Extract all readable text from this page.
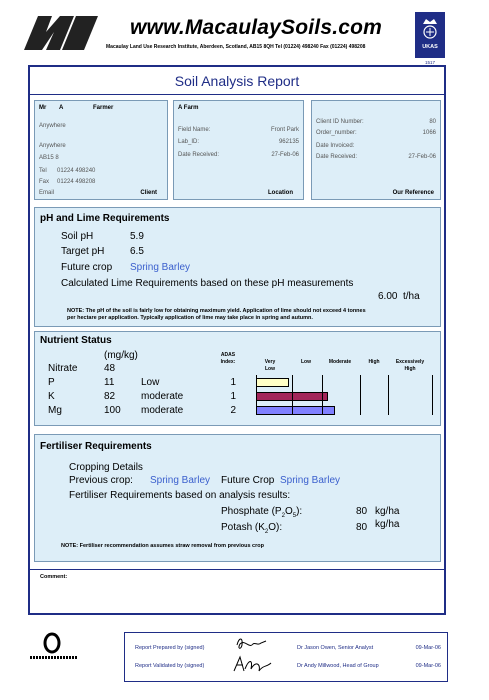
www.MacaulaySoils.com
Macaulay Land Use Research Institute, Aberdeen, Scotland, AB15 8QH Tel (01224) 498240 Fax (01224) 498208	UKAS
1517
Soil Analysis Report
Mr A	Farmer
Anywhere
Anywhere
AB15 8
Tel 01224 498240
Fax 01224 498208
Email	Client
A Farm
Field Name:	Front Park
Lab_ID:	962135
Date Received:	27-Feb-06
Location
Client ID Number:	80
Order_number:	1066
Date Invoiced:
Date Received:	27-Feb-06
Our Reference
pH and Lime Requirements
Soil pH	5.9
Target pH	6.5
Future crop Spring Barley
Calculated Lime Requirements based on these pH measurements
6.00 t/ha
NOTE: The pH of the soil is fairly low for obtaining maximum yield. Application of lime should not exceed 4 tonnes
per hectare per application. Typically application of lime may take place in spring and autumn.
Nutrient Status
(mg/kg)	ADAS
Index:	Very
Low
Low	Moderate	High	Excessively
High
Nitrate	48
P	11	Low	1
K	82	moderate	1
Mg	100 moderate	2
Fertiliser Requirements
Cropping Details
Previous crop: Spring Barley Future Crop Spring Barley
Fertiliser Requirements based on analysis results:
Phosphate $(P_2O_5)$:	80 kg/ha
Potash $(K_2O)$:	80 kg/ha
NOTE: Fertiliser recommendation assumes straw removal from previous crop
Comment:
Report Prepared by (signed)	Dr Jason Owen, Senior Analyst	09-Mar-06
Report Validated by (signed)	Dr Andy Millwood, Head of Group	09-Mar-06
